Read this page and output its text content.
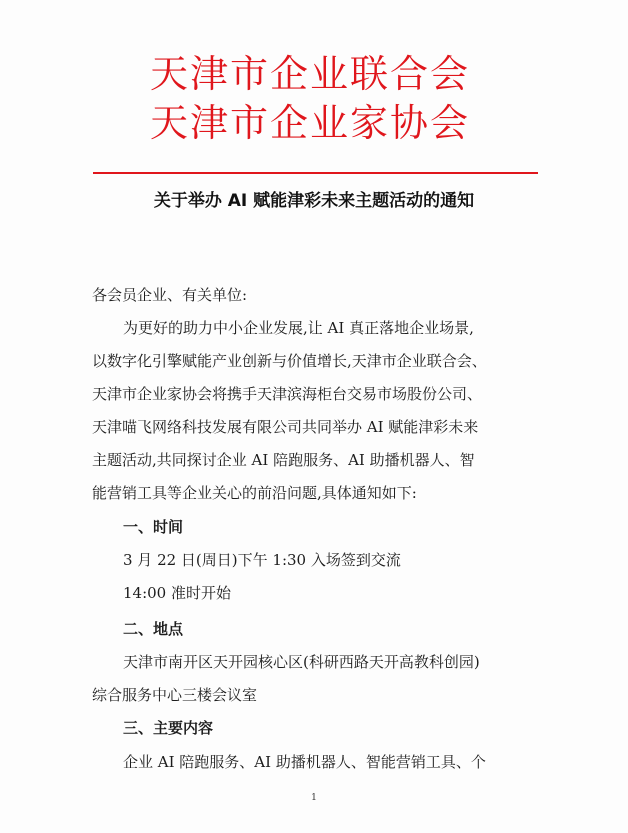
天津市企业联合会
天津市企业家协会
关于举办 AI 赋能津彩未来主题活动的通知
各会员企业、有关单位:
为更好的助力中小企业发展,让 AI 真正落地企业场景,
以数字化引擎赋能产业创新与价值增长,天津市企业联合会、
天津市企业家协会将携手天津滨海柜台交易市场股份公司、
天津喵飞网络科技发展有限公司共同举办 AI 赋能津彩未来
主题活动,共同探讨企业 AI 陪跑服务、AI 助播机器人、智
能营销工具等企业关心的前沿问题,具体通知如下:
一、时间
3 月 22 日(周日)下午 1:30 入场签到交流
14:00 准时开始
二、地点
天津市南开区天开园核心区(科研西路天开高教科创园)
综合服务中心三楼会议室
三、主要内容
企业 AI 陪跑服务、AI 助播机器人、智能营销工具、个
1
